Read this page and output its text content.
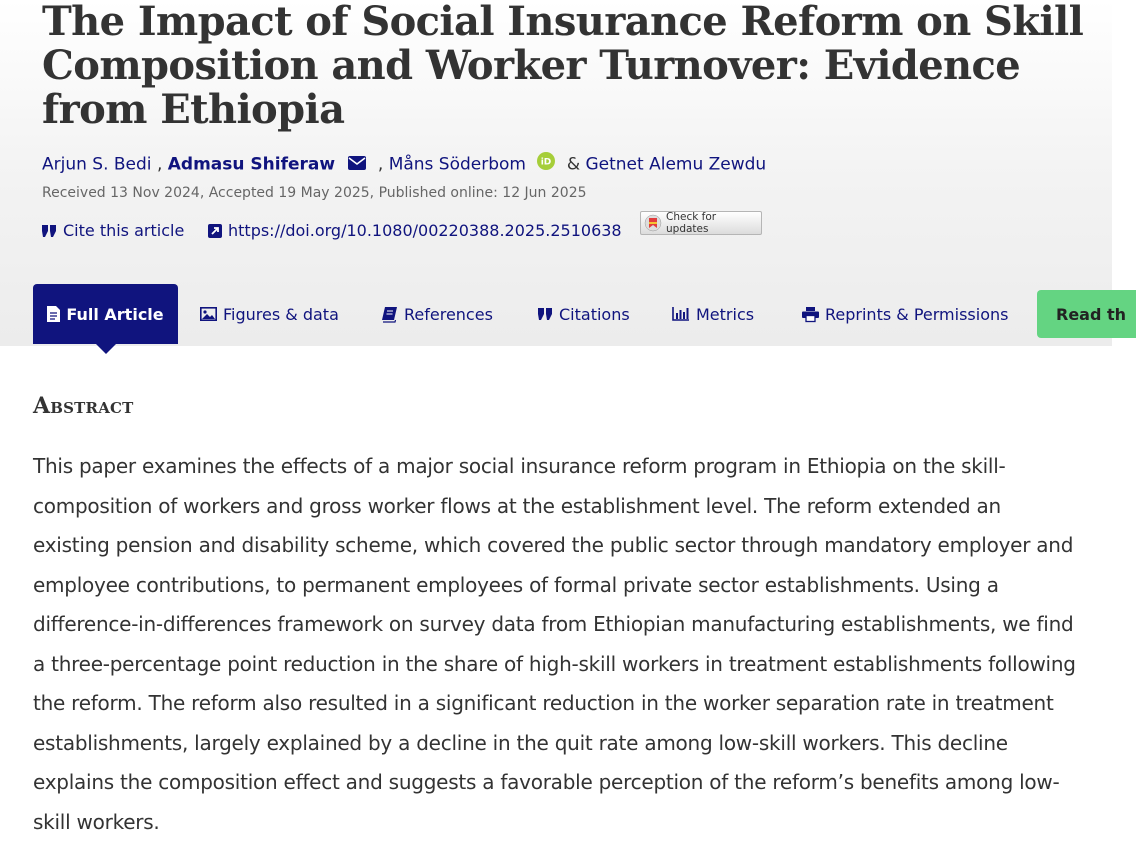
The Impact of Social Insurance Reform on Skill Composition and Worker Turnover: Evidence from Ethiopia
Arjun S. Bedi , Admasu Shiferaw	, Måns Söderbom iD & Getnet Alemu Zewdu
Received 13 Nov 2024, Accepted 19 May 2025, Published online: 12 Jun 2025
Cite this article	https://doi.org/10.1080/00220388.2025.2510638
Check for updates
Full Article	Figures & data	References	Citations	Metrics	Reprints & Permissions	Read th
Abstract

This paper examines the effects of a major social insurance reform program in Ethiopia on the skill-composition of workers and gross worker flows at the establishment level. The reform extended an existing pension and disability scheme, which covered the public sector through mandatory employer and employee contributions, to permanent employees of formal private sector establishments. Using a difference-in-differences framework on survey data from Ethiopian manufacturing establishments, we find a three-percentage point reduction in the share of high-skill workers in treatment establishments following the reform. The reform also resulted in a significant reduction in the worker separation rate in treatment establishments, largely explained by a decline in the quit rate among low-skill workers. This decline explains the composition effect and suggests a favorable perception of the reform’s benefits among low-skill workers.
